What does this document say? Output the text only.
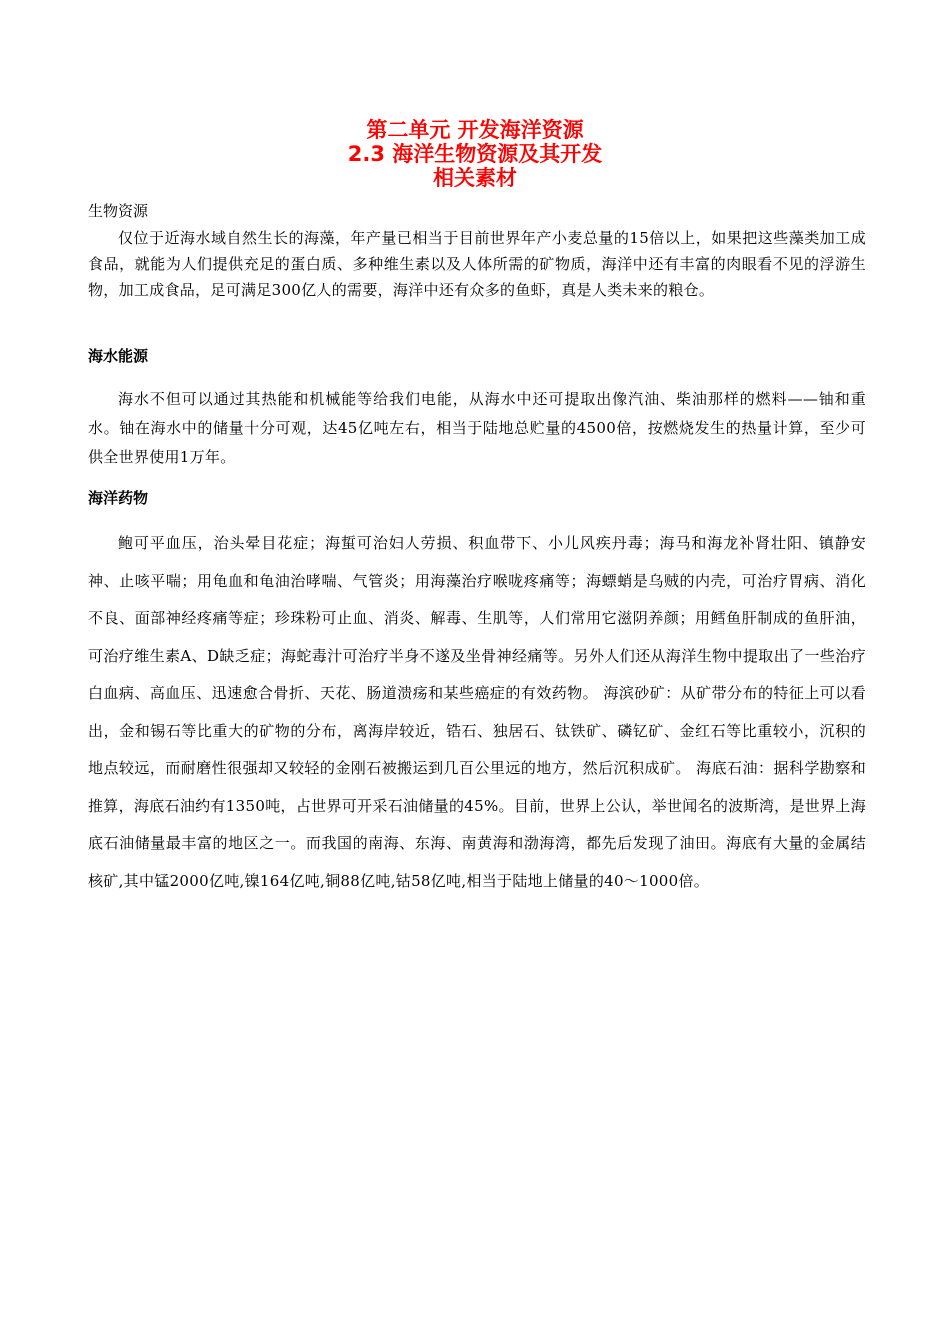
第二单元 开发海洋资源
2.3 海洋生物资源及其开发
相关素材
生物资源

仅位于近海水域自然生长的海藻，年产量已相当于目前世界年产小麦总量的15倍以上，如果把这些藻类加工成食品，就能为人们提供充足的蛋白质、多种维生素以及人体所需的矿物质，海洋中还有丰富的肉眼看不见的浮游生物，加工成食品，足可满足300亿人的需要，海洋中还有众多的鱼虾，真是人类未来的粮仓。

海水能源

海水不但可以通过其热能和机械能等给我们电能，从海水中还可提取出像汽油、柴油那样的燃料——铀和重水。铀在海水中的储量十分可观，达45亿吨左右，相当于陆地总贮量的4500倍，按燃烧发生的热量计算，至少可供全世界使用1万年。

海洋药物

鲍可平血压，治头晕目花症；海蜇可治妇人劳损、积血带下、小儿风疾丹毒；海马和海龙补肾壮阳、镇静安神、止咳平喘；用龟血和龟油治哮喘、气管炎；用海藻治疗喉咙疼痛等；海螵蛸是乌贼的内壳，可治疗胃病、消化不良、面部神经疼痛等症；珍珠粉可止血、消炎、解毒、生肌等，人们常用它滋阴养颜；用鳕鱼肝制成的鱼肝油，可治疗维生素A、D缺乏症；海蛇毒汁可治疗半身不遂及坐骨神经痛等。另外人们还从海洋生物中提取出了一些治疗白血病、高血压、迅速愈合骨折、天花、肠道溃疡和某些癌症的有效药物。 海滨砂矿：从矿带分布的特征上可以看出，金和锡石等比重大的矿物的分布，离海岸较近，锆石、独居石、钛铁矿、磷钇矿、金红石等比重较小，沉积的地点较远，而耐磨性很强却又较轻的金刚石被搬运到几百公里远的地方，然后沉积成矿。 海底石油：据科学勘察和推算，海底石油约有1350吨，占世界可开采石油储量的45%。目前，世界上公认，举世闻名的波斯湾，是世界上海底石油储量最丰富的地区之一。而我国的南海、东海、南黄海和渤海湾，都先后发现了油田。海底有大量的金属结核矿,其中锰2000亿吨,镍164亿吨,铜88亿吨,钴58亿吨,相当于陆地上储量的40～1000倍。
